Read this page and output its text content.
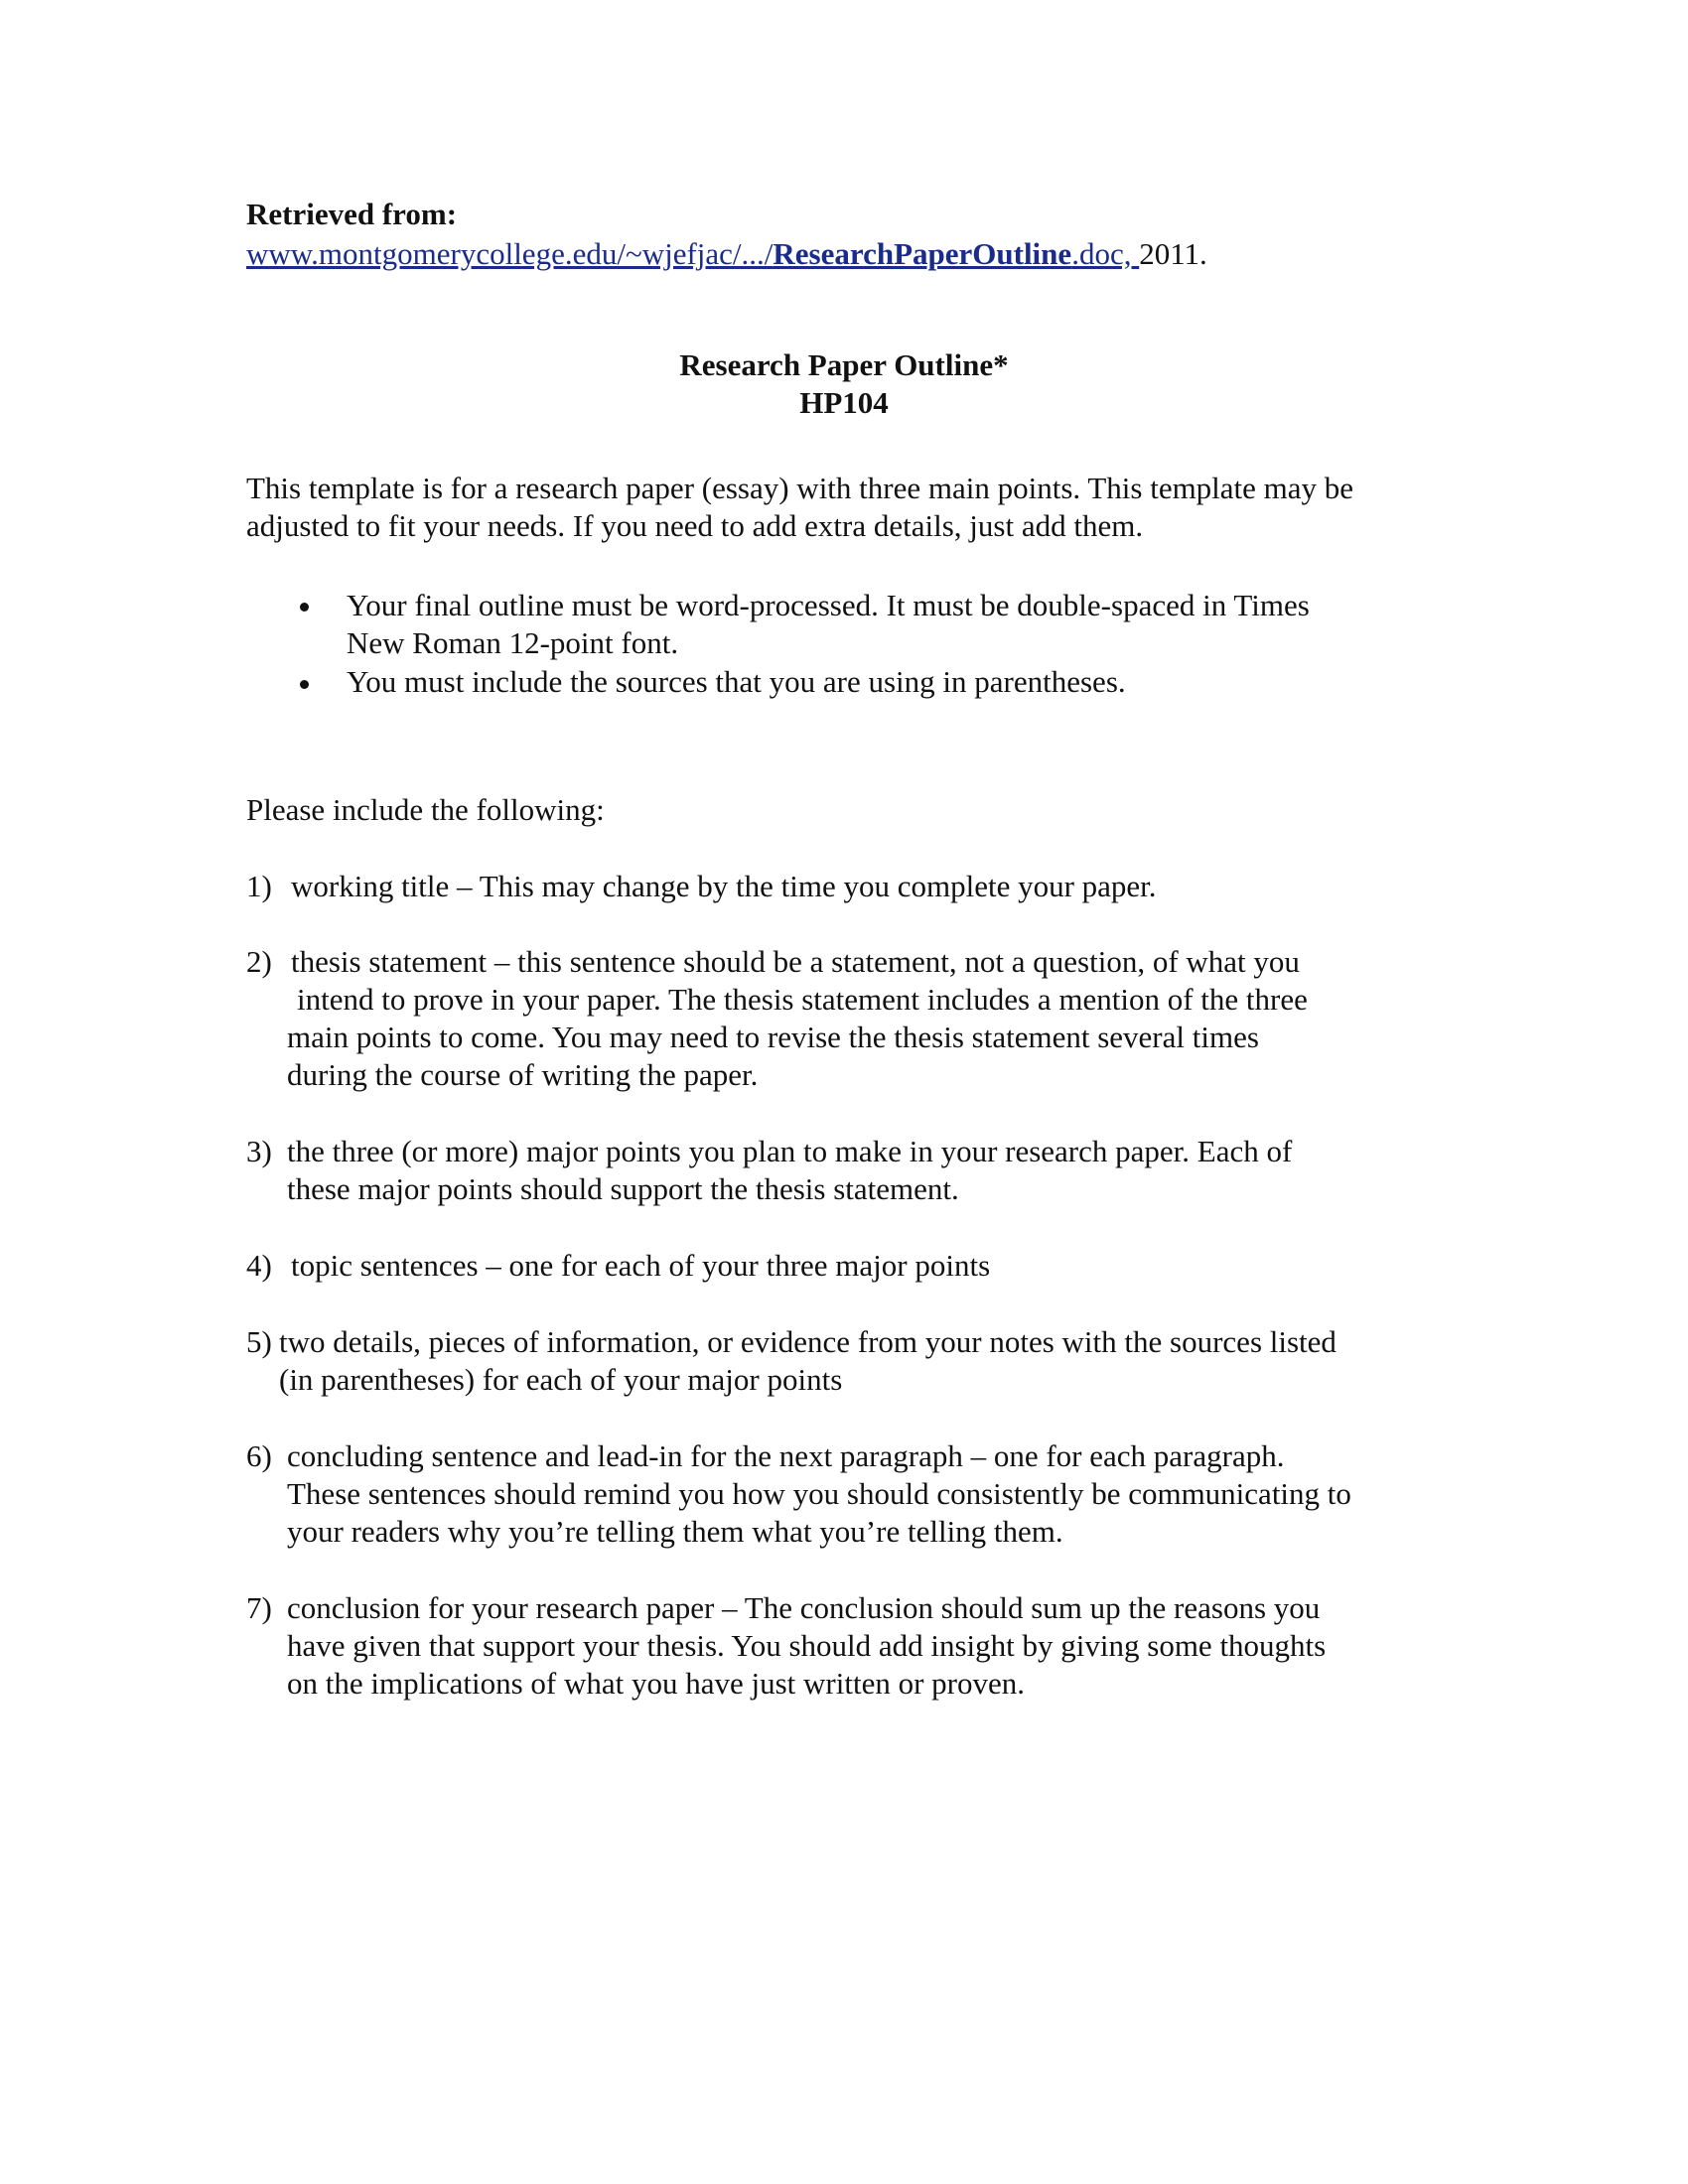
Retrieved from:
www.montgomerycollege.edu/~wjefjac/.../ResearchPaperOutline.doc, 2011.
Research Paper Outline*
HP104
This template is for a research paper (essay) with three main points. This template may be
adjusted to fit your needs. If you need to add extra details, just add them.
Your final outline must be word-processed. It must be double-spaced in Times
New Roman 12-point font.
You must include the sources that you are using in parentheses.
Please include the following:
1) working title – This may change by the time you complete your paper.
2) thesis statement – this sentence should be a statement, not a question, of what you
intend to prove in your paper. The thesis statement includes a mention of the three
main points to come. You may need to revise the thesis statement several times
during the course of writing the paper.
3) the three (or more) major points you plan to make in your research paper. Each of
these major points should support the thesis statement.
4) topic sentences – one for each of your three major points
5) two details, pieces of information, or evidence from your notes with the sources listed
(in parentheses) for each of your major points
6) concluding sentence and lead-in for the next paragraph – one for each paragraph.
These sentences should remind you how you should consistently be communicating to
your readers why you’re telling them what you’re telling them.
7) conclusion for your research paper – The conclusion should sum up the reasons you
have given that support your thesis. You should add insight by giving some thoughts
on the implications of what you have just written or proven.
